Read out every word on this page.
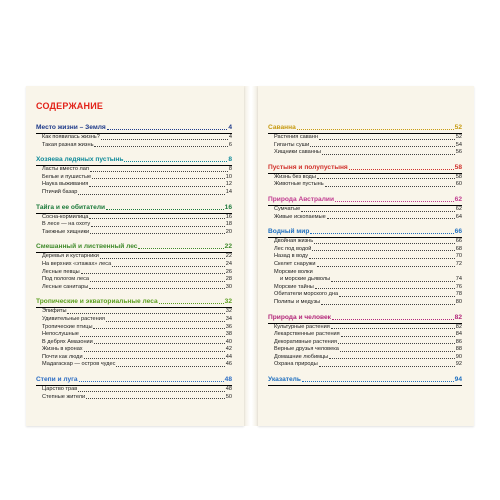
СОДЕРЖАНИЕ
Место жизни – Земля	4
Как появилась жизнь?	4
Такая разная жизнь	6
Хозяева ледяных пустынь	8
Ласты вместо лап	8
Белые и пушистые	10
Наука выживания	12
Птичий базар	14
Тайга и ее обитатели	16
Сосна-кормилица	16
В лесе — на охоту	18
Таежные хищники	20
Смешанный и лиственный лес	22
Деревья и кустарники	22
На верхних «этажах» леса	24
Лесные певцы	26
Под пологом леса	28
Лесные санитары	30
Тропические и экваториальные леса	32
Эпифиты	32
Удивительные растения	34
Тропические птицы	36
Непослушные	38
В дебрях Амазонии	40
Жизнь в кронах	42
Почти как люди	44
Мадагаскар — остров чудес	46
Степи и луга	48
Царство трав	48
Степные жители	50
Саванна	52
Растения саванн	52
Гиганты суши	54
Хищники саванны	56
Пустыня и полупустыня	58
Жизнь без воды	58
Животные пустынь	60
Природа Австралии	62
Сумчатые	62
Живые ископаемые	64
Водный мир	66
Двойная жизнь	66
Лес под водой	68
Назад в воду	70
Скелет снаружи	72
Морские волки
и морские дьяволы	74
Морские тайны	76
Обитатели морского дна	78
Полипы и медузы	80
Природа и человек	82
Культурные растения	82
Лекарственные растения	84
Декоративные растения	86
Верные друзья человека	88
Домашние любимцы	90
Охрана природы	92
Указатель	94
